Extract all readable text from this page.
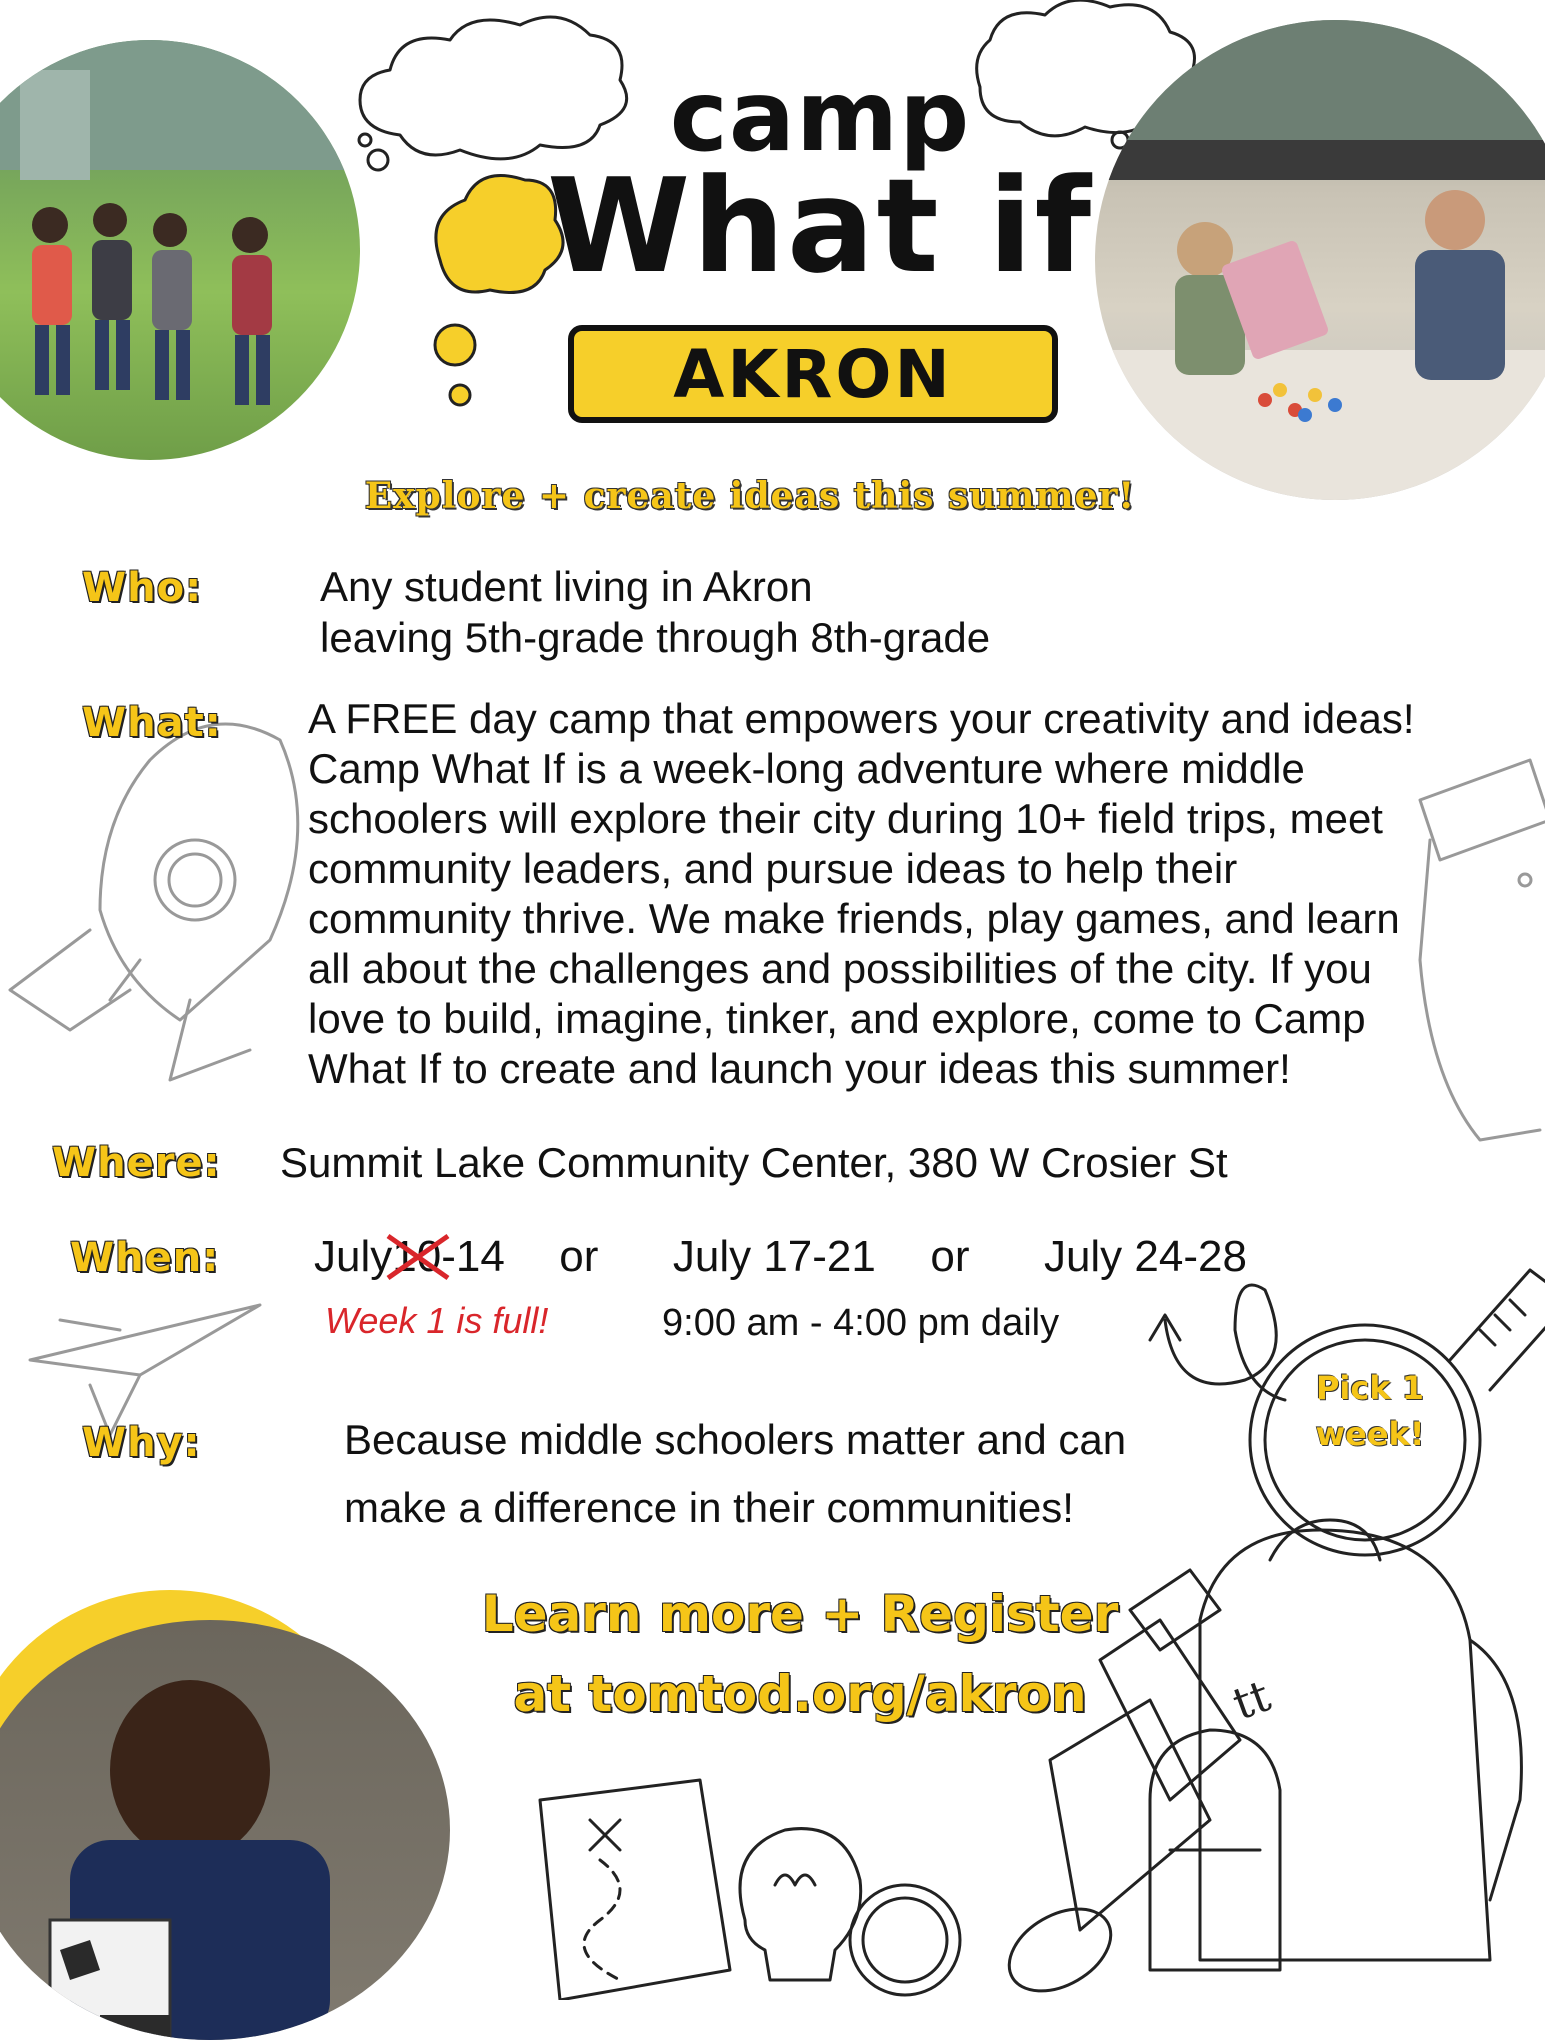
tt
camp
What if
AKRON
Explore + create ideas this summer!
Who:	Any student living in Akron
leaving 5th-grade through 8th-grade
What: A FREE day camp that empowers your creativity and ideas!
Camp What If is a week-long adventure where middle
schoolers will explore their city during 10+ field trips, meet
community leaders, and pursue ideas to help their
community thrive. We make friends, play games, and learn
all about the challenges and possibilities of the city. If you
love to build, imagine, tinker, and explore, come to Camp
What If to create and launch your ideas this summer!
Where: Summit Lake Community Center, 380 W Crosier St
When: July10
-14 or July 17-21 or July 24-28
Week 1 is full!	9:00 am - 4:00 pm daily
Pick 1
week!
Why:	Because middle schoolers matter and can
make a difference in their communities!
Learn more + Register
at tomtod.org/akron
